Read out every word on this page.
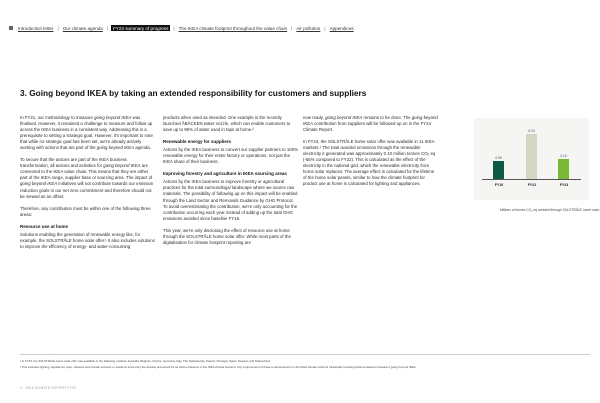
Introduction letter | Our climate agenda |	FY23 summary of progress	| The IKEA climate footprint throughout the value chain | Air pollution | Appendices
3. Going beyond IKEA by taking an extended responsibility for customers and suppliers

In FY21, our methodology to measure going beyond IKEA was finalised. However, it remained a challenge to measure and follow up across the IKEA business in a consistent way. Addressing this is a prerequisite to setting a strategic goal. However, it's important to note that while no strategic goal has been set, we're already actively working with actions that are part of the going beyond IKEA agenda.

To secure that the actions are part of the IKEA business transformation, all actions and activities for going beyond IKEA are connected to the IKEA value chain. This means that they are either part of the IKEA range, supplier base or sourcing area. The impact of going beyond IKEA initiatives will not contribute towards our emission reduction goals in our net zero commitment and therefore should not be viewed as an offset.

Therefore, any contribution must be within one of the following three areas:

Resource use at home

Solutions enabling the generation of renewable energy like, for example, the SOLSTRÅLE home solar offer.¹ It also includes solutions to improve the efficiency of energy- and water-consuming

products when used as intended. One example is the recently launched ÅBÄCKEN water nozzle, which can enable customers to save up to 95% of water used in taps at home.²

Renewable energy for suppliers

Actions by the IKEA business to convert our supplier partners to 100% renewable energy for their entire factory or operations, not just the IKEA share of their business.

Improving forestry and agriculture in IKEA sourcing areas

Actions by the IKEA business to improve forestry or agricultural practices for the total surroundings/ landscape where we source raw materials. The possibility of following up on this impact will be enabled through the Land Sector and Removals Guidance by GHG Protocol. To avoid overestimating the contribution, we're only accounting for the contribution occurring each year instead of adding up the total GHG emissions avoided since baseline FY16.

This year, we're only disclosing the effect of resource use at home through the SOLSTRÅLE home solar offer. While most parts of the digitalisation for climate footprint reporting are

now ready, going beyond IKEA remains to be done. The going beyond IKEA contribution from suppliers will be followed up on in the FY24 Climate Report.

In FY23, the SOLSTRÅLE home solar offer was available in 11 IKEA markets.¹ The total avoided emissions through the renewable electricity it generated was approximately 0.10 million tonnes CO₂ eq (-55% compared to FY22). This is calculated as the effect of the electricity in the national grid, which the renewable electricity from home solar replaces. The average effect is calculated for the lifetime of the home solar panels, similar to how the climate footprint for product use at home is calculated for lighting and appliances.

0.09
0.23
0.10
FY16	FY22	FY23
Millions of tonnes CO₂ eq avoided through SOLSTRÅLE home solar.
¹ In FY23, the SOLSTRÅLE home solar offer was available in the following markets: Australia, Belgium, France, Germany, Italy, The Netherlands, Poland, Portugal, Spain, Sweden and Switzerland.
² This excludes lighting, appliances, taps, showers and circular services or solutions since they are already accounted for as GHG emissions in the IKEA climate footprint. Any improvement of these is accounted for in the IKEA climate footprint (drastically reducing GHG emissions) instead of going beyond IKEA.
3 · IKEA CLIMATE REPORT FY23
